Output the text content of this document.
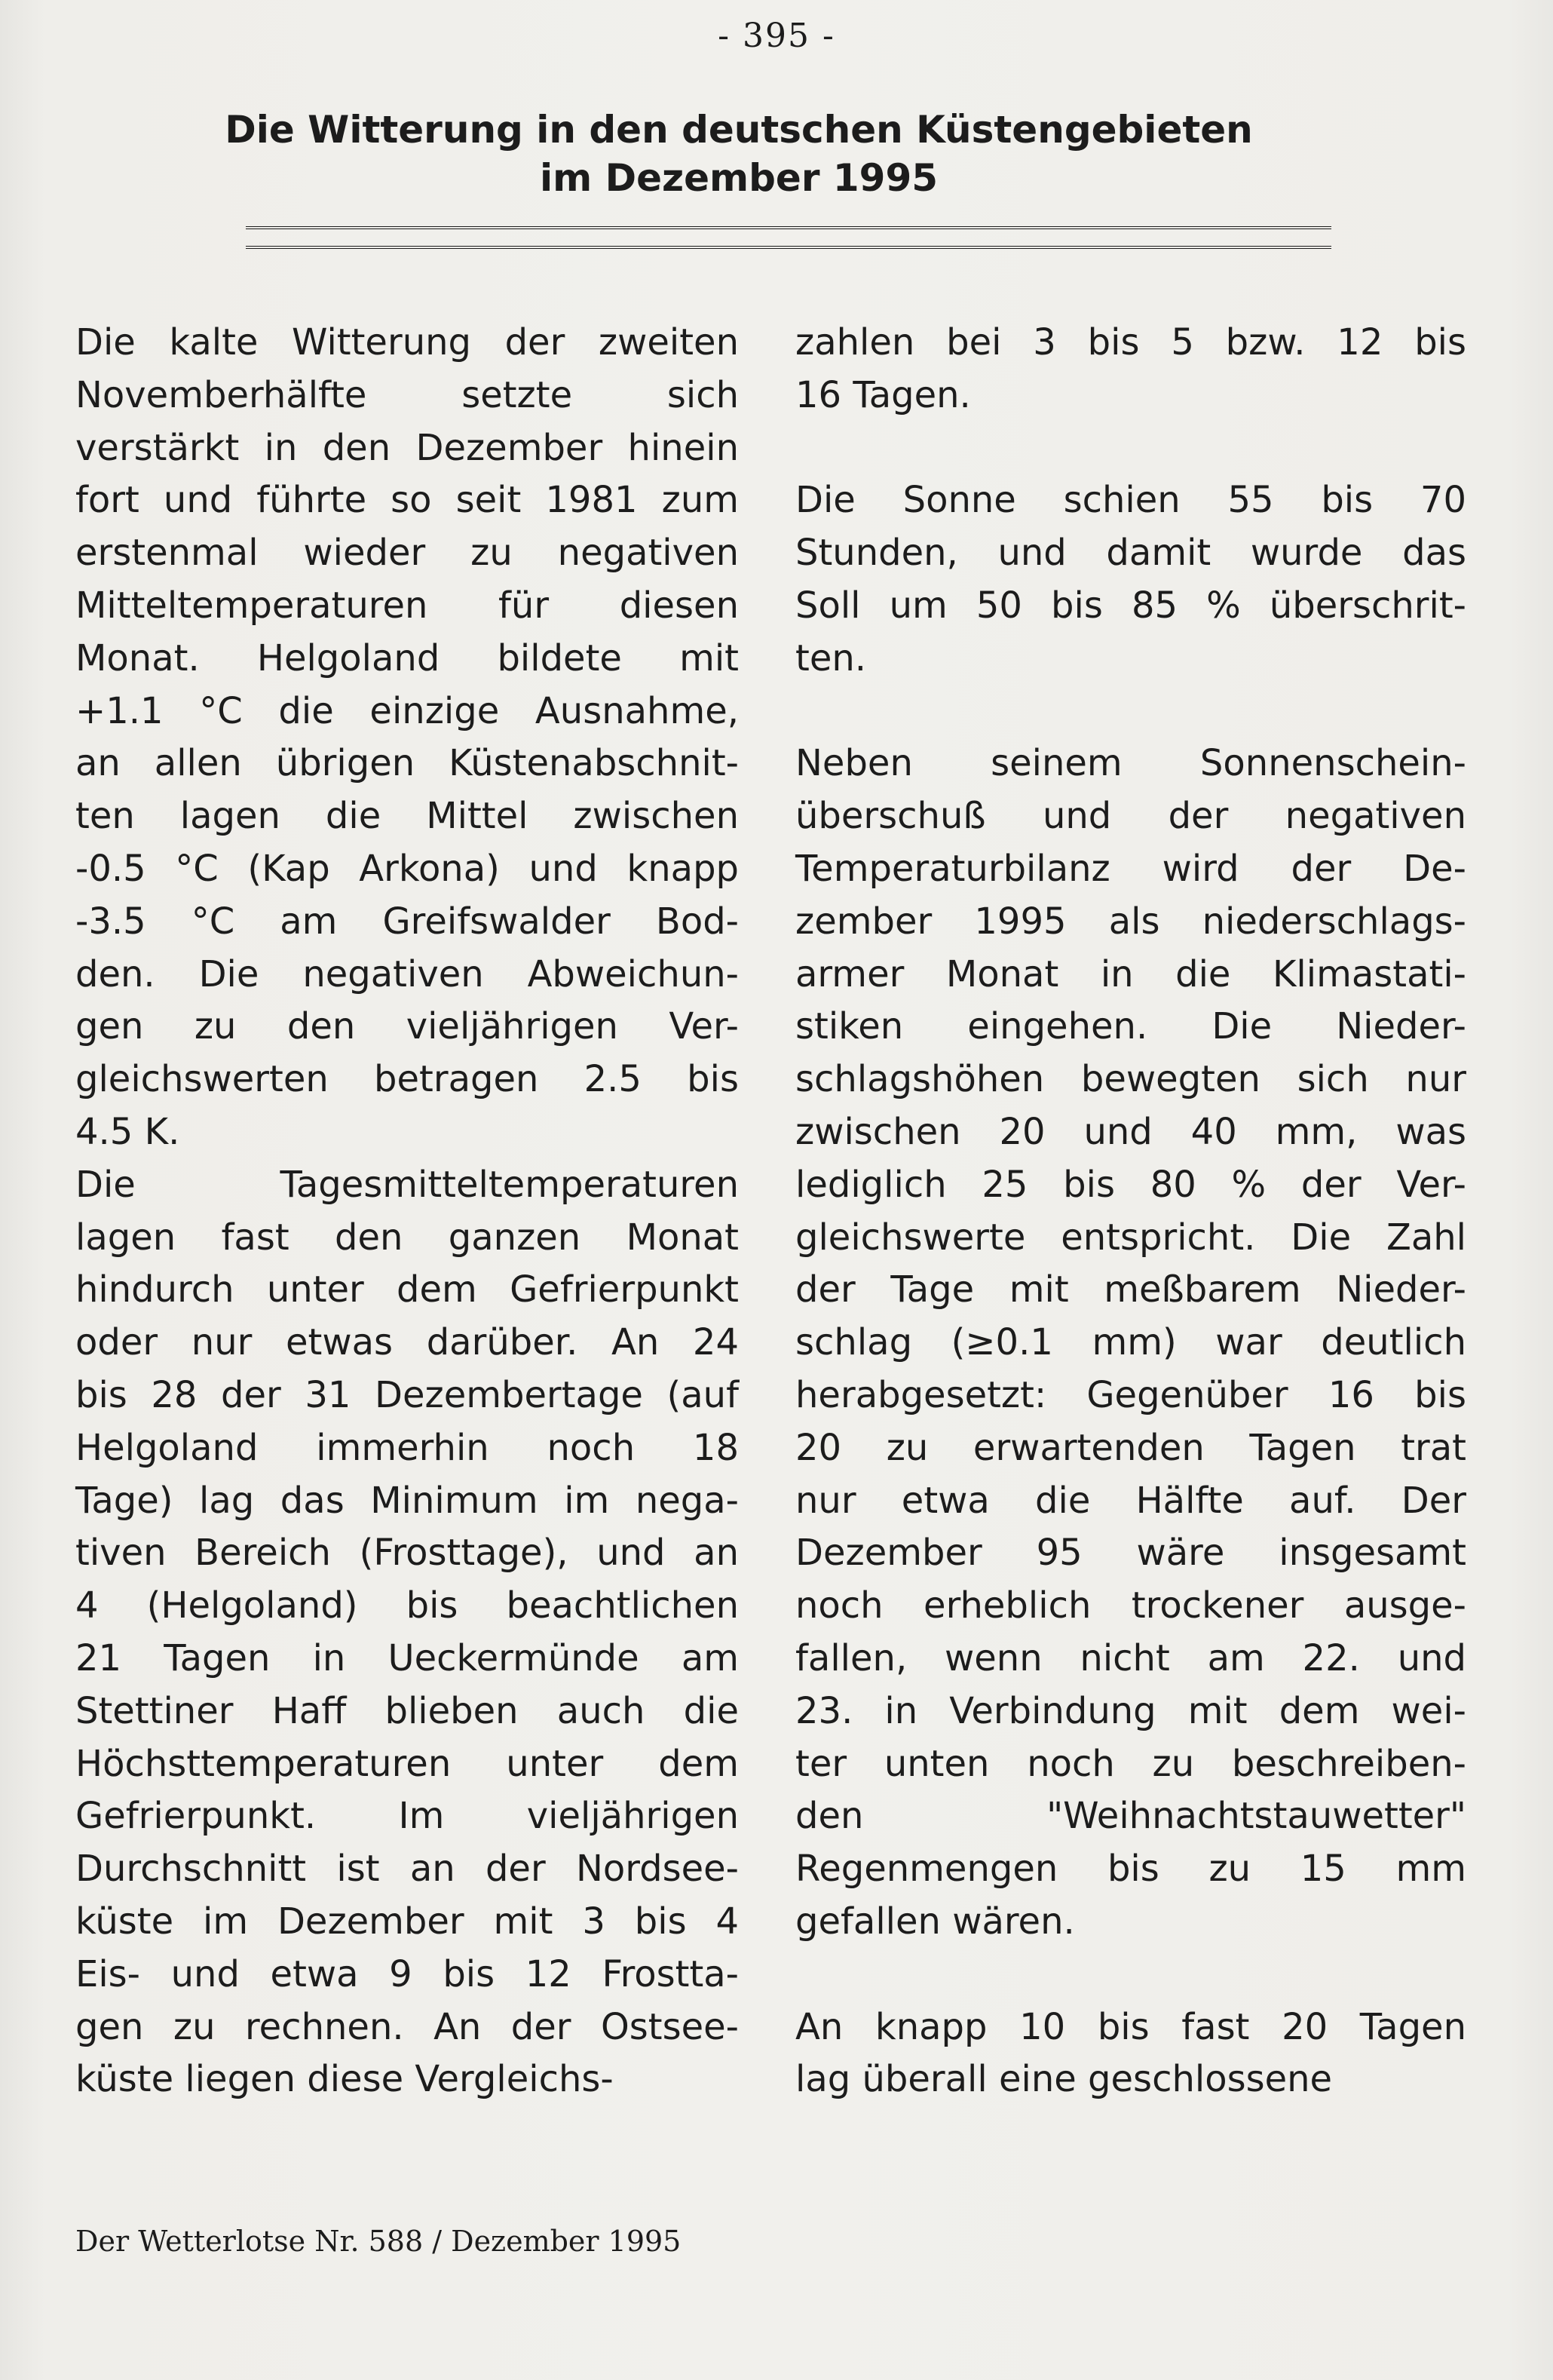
- 395 -
Die Witterung in den deutschen Küstengebieten
im Dezember 1995
Die kalte Witterung der zweiten
Novemberhälfte setzte sich
verstärkt in den Dezember hinein
fort und führte so seit 1981 zum
erstenmal wieder zu negativen
Mitteltemperaturen für diesen
Monat. Helgoland bildete mit
+1.1 °C die einzige Ausnahme,
an allen übrigen Küstenabschnit-
ten lagen die Mittel zwischen
-0.5 °C (Kap Arkona) und knapp
-3.5 °C am Greifswalder Bod-
den. Die negativen Abweichun-
gen zu den vieljährigen Ver-
gleichswerten betragen 2.5 bis
4.5 K.
Die Tagesmitteltemperaturen
lagen fast den ganzen Monat
hindurch unter dem Gefrierpunkt
oder nur etwas darüber. An 24
bis 28 der 31 Dezembertage (auf
Helgoland immerhin noch 18
Tage) lag das Minimum im nega-
tiven Bereich (Frosttage), und an
4 (Helgoland) bis beachtlichen
21 Tagen in Ueckermünde am
Stettiner Haff blieben auch die
Höchsttemperaturen unter dem
Gefrierpunkt. Im vieljährigen
Durchschnitt ist an der Nordsee-
küste im Dezember mit 3 bis 4
Eis- und etwa 9 bis 12 Frostta-
gen zu rechnen. An der Ostsee-
küste liegen diese Vergleichs-
zahlen bei 3 bis 5 bzw. 12 bis
16 Tagen.
Die Sonne schien 55 bis 70
Stunden, und damit wurde das
Soll um 50 bis 85 % überschrit-
ten.
Neben seinem Sonnenschein-
überschuß und der negativen
Temperaturbilanz wird der De-
zember 1995 als niederschlags-
armer Monat in die Klimastati-
stiken eingehen. Die Nieder-
schlagshöhen bewegten sich nur
zwischen 20 und 40 mm, was
lediglich 25 bis 80 % der Ver-
gleichswerte entspricht. Die Zahl
der Tage mit meßbarem Nieder-
schlag (≥0.1 mm) war deutlich
herabgesetzt: Gegenüber 16 bis
20 zu erwartenden Tagen trat
nur etwa die Hälfte auf. Der
Dezember 95 wäre insgesamt
noch erheblich trockener ausge-
fallen, wenn nicht am 22. und
23. in Verbindung mit dem wei-
ter unten noch zu beschreiben-
den "Weihnachtstauwetter"
Regenmengen bis zu 15 mm
gefallen wären.
An knapp 10 bis fast 20 Tagen
lag überall eine geschlossene
Der Wetterlotse Nr. 588 / Dezember 1995
